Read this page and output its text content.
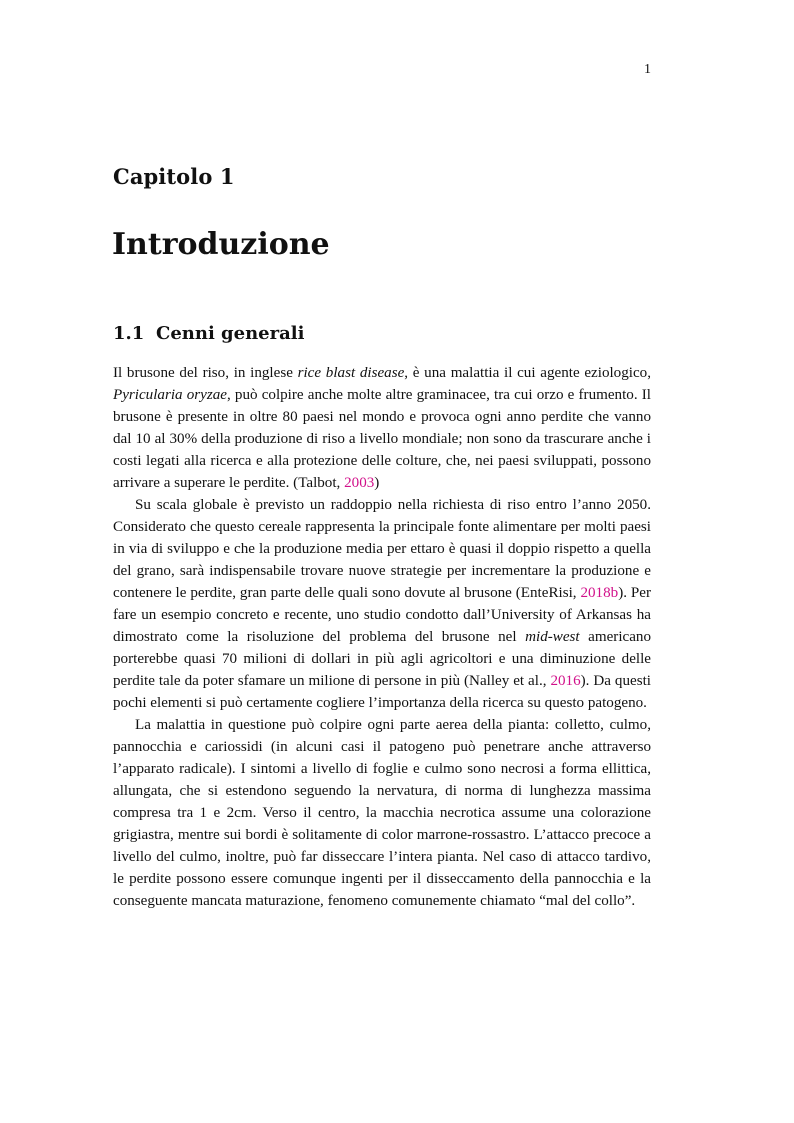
1
Capitolo 1
Introduzione
1.1 Cenni generali

Il brusone del riso, in inglese rice blast disease, è una malattia il cui agente eziologico, Pyricularia oryzae, può colpire anche molte altre graminacee, tra cui orzo e frumento. Il brusone è presente in oltre 80 paesi nel mondo e provoca ogni anno perdite che vanno dal 10 al 30% della produzione di riso a livello mondiale; non sono da trascurare anche i costi legati alla ricerca e alla protezione delle colture, che, nei paesi sviluppati, possono arrivare a superare le perdite. (Talbot, 2003)

Su scala globale è previsto un raddoppio nella richiesta di riso entro l’anno 2050. Considerato che questo cereale rappresenta la principale fonte alimentare per molti paesi in via di sviluppo e che la produzione media per ettaro è quasi il doppio rispetto a quella del grano, sarà indispensabile trovare nuove strategie per incrementare la produzione e contenere le perdite, gran parte delle quali sono dovute al brusone (EnteRisi, 2018b). Per fare un esempio concreto e recente, uno studio condotto dall’University of Arkansas ha dimostrato come la risoluzione del problema del brusone nel mid-west americano porterebbe quasi 70 milioni di dollari in più agli agricoltori e una diminuzione delle perdite tale da poter sfamare un milione di persone in più (Nalley et al., 2016). Da questi pochi elementi si può certamente cogliere l’importanza della ricerca su questo patogeno.

La malattia in questione può colpire ogni parte aerea della pianta: colletto, culmo, pannocchia e cariossidi (in alcuni casi il patogeno può penetrare anche attraverso l’apparato radicale). I sintomi a livello di foglie e culmo sono necrosi a forma ellittica, allungata, che si estendono seguendo la nervatura, di norma di lunghezza massima compresa tra 1 e 2cm. Verso il centro, la macchia necrotica assume una colorazione grigiastra, mentre sui bordi è solitamente di color marrone-rossastro. L’attacco precoce a livello del culmo, inoltre, può far disseccare l’intera pianta. Nel caso di attacco tardivo, le perdite possono essere comunque ingenti per il disseccamento della pannocchia e la conseguente mancata maturazione, fenomeno comunemente chiamato “mal del collo”.
